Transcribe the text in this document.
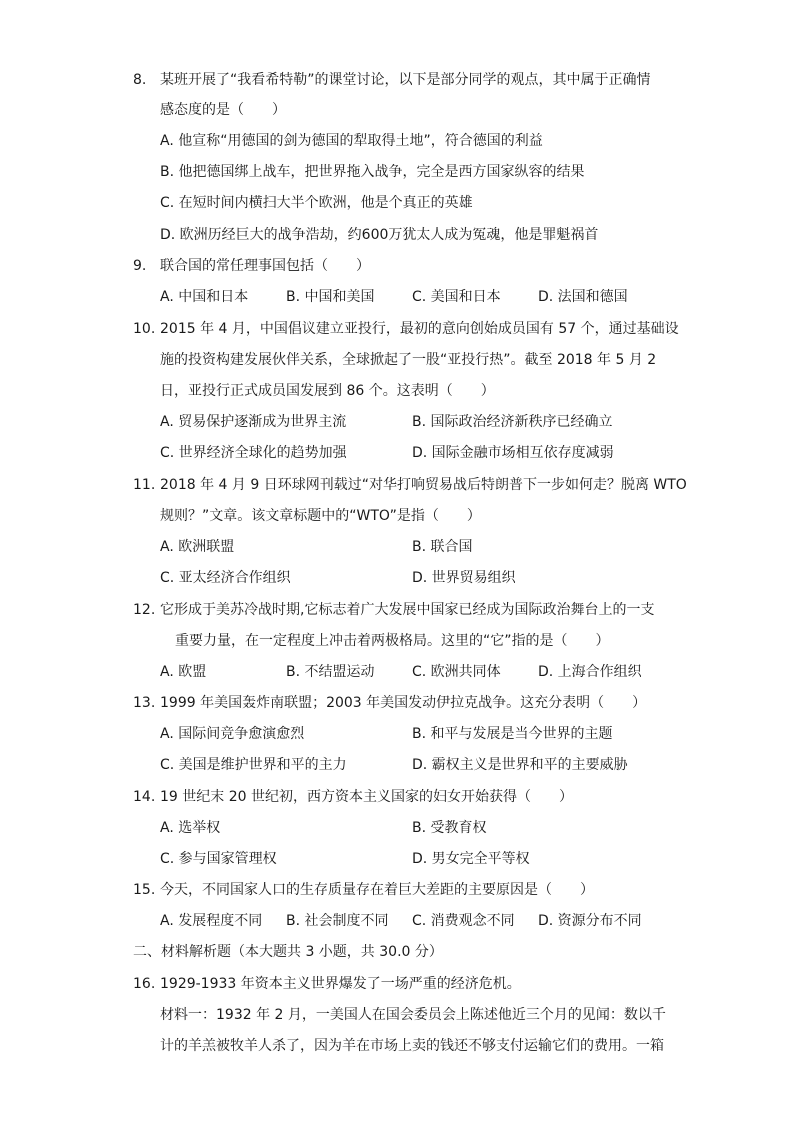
8. 某班开展了“我看希特勒”的课堂讨论，以下是部分同学的观点，其中属于正确情
感态度的是（　　）
A. 他宣称“用德国的剑为德国的犁取得土地”，符合德国的利益
B. 他把德国绑上战车，把世界拖入战争，完全是西方国家纵容的结果
C. 在短时间内横扫大半个欧洲，他是个真正的英雄
D. 欧洲历经巨大的战争浩劫，约600万犹太人成为冤魂，他是罪魁祸首
9. 联合国的常任理事国包括（　　）
A. 中国和日本	B. 中国和美国	C. 美国和日本	D. 法国和德国
10. 2015 年 4 月，中国倡议建立亚投行，最初的意向创始成员国有 57 个，通过基础设
施的投资构建发展伙伴关系，全球掀起了一股“亚投行热”。截至 2018 年 5 月 2
日，亚投行正式成员国发展到 86 个。这表明（　　）
A. 贸易保护逐渐成为世界主流	B. 国际政治经济新秩序已经确立
C. 世界经济全球化的趋势加强	D. 国际金融市场相互依存度减弱
11. 2018 年 4 月 9 日环球网刊载过“对华打响贸易战后特朗普下一步如何走？脱离 WTO
规则？”文章。该文章标题中的“WTO”是指（　　）
A. 欧洲联盟	B. 联合国
C. 亚太经济合作组织	D. 世界贸易组织
12. 它形成于美苏冷战时期,它标志着广大发展中国家已经成为国际政治舞台上的一支
重要力量，在一定程度上冲击着两极格局。这里的“它”指的是（　　）
A. 欧盟	B. 不结盟运动	C. 欧洲共同体	D. 上海合作组织
13. 1999 年美国轰炸南联盟；2003 年美国发动伊拉克战争。这充分表明（　　）
A. 国际间竞争愈演愈烈	B. 和平与发展是当今世界的主题
C. 美国是维护世界和平的主力	D. 霸权主义是世界和平的主要威胁
14. 19 世纪末 20 世纪初，西方资本主义国家的妇女开始获得（　　）
A. 选举权	B. 受教育权
C. 参与国家管理权	D. 男女完全平等权
15. 今天，不同国家人口的生存质量存在着巨大差距的主要原因是（　　）
A. 发展程度不同 B. 社会制度不同 C. 消费观念不同 D. 资源分布不同
二、材料解析题（本大题共 3 小题，共 30.0 分）
16. 1929-1933 年资本主义世界爆发了一场严重的经济危机。
材料一：1932 年 2 月，一美国人在国会委员会上陈述他近三个月的见闻：数以千
计的羊羔被牧羊人杀了，因为羊在市场上卖的钱还不够支付运输它们的费用。一箱
